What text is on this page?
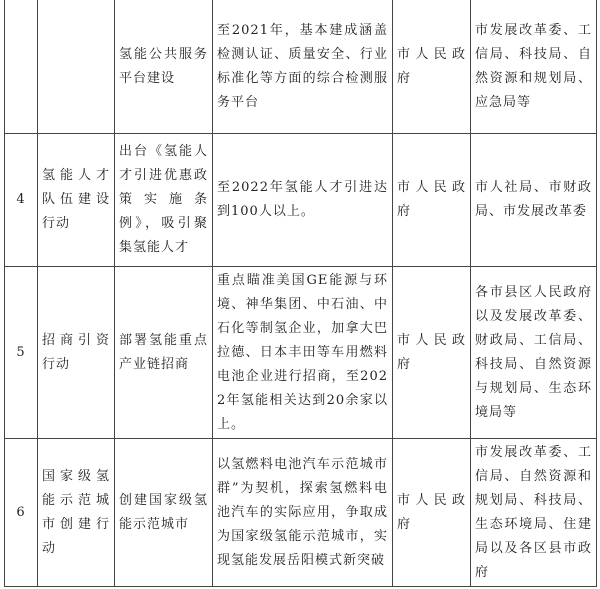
		氢能公共服务平台建设	至2021年，基本建成涵盖检测认证、质量安全、行业标准化等方面的综合检测服务平台	市人民政府	市发展改革委、工信局、科技局、自然资源和规划局、应急局等
4	氢能人才队伍建设行动	出台《氢能人才引进优惠政策实施条例》，吸引聚集氢能人才	至2022年氢能人才引进达到100人以上。	市人民政府	市人社局、市财政局、市发展改革委
5	招商引资行动	部署氢能重点产业链招商	重点瞄准美国GE能源与环境、神华集团、中石油、中石化等制氢企业，加拿大巴拉德、日本丰田等车用燃料电池企业进行招商，至2022年氢能相关达到20余家以上。	市人民政府	各市县区人民政府以及发展改革委、财政局、工信局、科技局、自然资源与规划局、生态环境局等
6	国家级氢能示范城市创建行动	创建国家级氢能示范城市	以氢燃料电池汽车示范城市群”为契机，探索氢燃料电池汽车的实际应用，争取成为国家级氢能示范城市，实现氢能发展岳阳模式新突破	市人民政府	市发展改革委、工信局、自然资源和规划局、科技局、生态环境局、住建局以及各区县市政府
